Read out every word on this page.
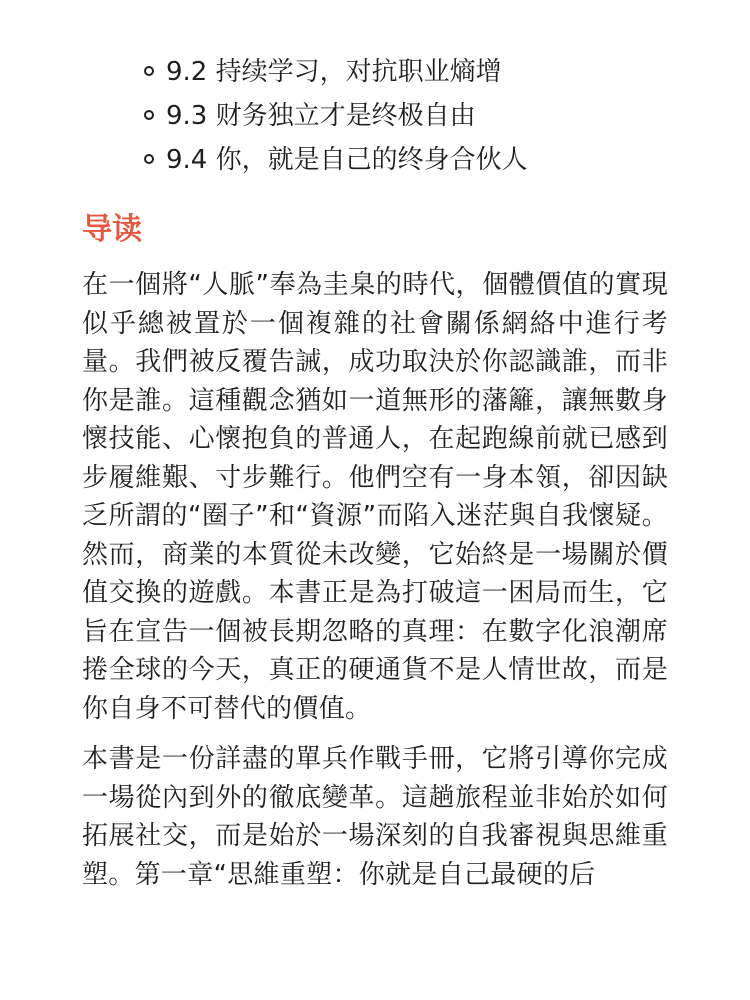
9.2 持续学习，对抗职业熵增
9.3 财务独立才是终极自由
9.4 你，就是自己的终身合伙人
导读

在一個將“人脈”奉為圭臬的時代，個體價值的實現似乎總被置於一個複雜的社會關係網絡中進行考量。我們被反覆告誡，成功取決於你認識誰，而非你是誰。這種觀念猶如一道無形的藩籬，讓無數身懷技能、心懷抱負的普通人，在起跑線前就已感到步履維艱、寸步難行。他們空有一身本領，卻因缺乏所謂的“圈子”和“資源”而陷入迷茫與自我懷疑。然而，商業的本質從未改變，它始終是一場關於價值交換的遊戲。本書正是為打破這一困局而生，它旨在宣告一個被長期忽略的真理：在數字化浪潮席捲全球的今天，真正的硬通貨不是人情世故，而是你自身不可替代的價值。

本書是一份詳盡的單兵作戰手冊，它將引導你完成一場從內到外的徹底變革。這趟旅程並非始於如何拓展社交，而是始於一場深刻的自我審視與思維重塑。第一章“思維重塑：你就是自己最硬的后
